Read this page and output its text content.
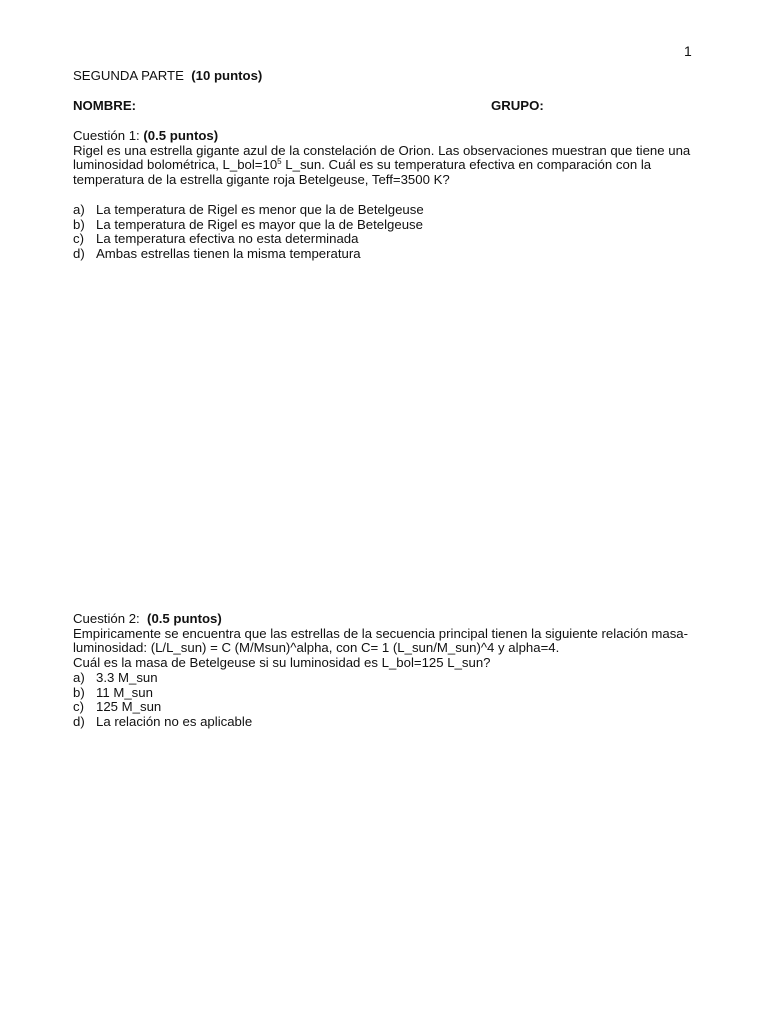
1
SEGUNDA PARTE (10 puntos)
NOMBRE:	GRUPO:

Cuestión 1: (0.5 puntos)

Rigel es una estrella gigante azul de la constelación de Orion. Las observaciones muestran que tiene una luminosidad bolométrica, $L\_bol=10^5$ L_sun. Cuál es su temperatura efectiva en comparación con la temperatura de la estrella gigante roja Betelgeuse, Teff=3500 K?

a) La temperatura de Rigel es menor que la de Betelgeuse
b) La temperatura de Rigel es mayor que la de Betelgeuse
c) La temperatura efectiva no esta determinada
d) Ambas estrellas tienen la misma temperatura

Cuestión 2: (0.5 puntos)

Empiricamente se encuentra que las estrellas de la secuencia principal tienen la siguiente relación masa-luminosidad: (L/L_sun) = C (M/Msun)^alpha, con C= 1 (L_sun/M_sun)^4 y alpha=4.

Cuál es la masa de Betelgeuse si su luminosidad es L_bol=125 L_sun?

a) 3.3 M_sun
b) 11 M_sun
c) 125 M_sun
d) La relación no es aplicable
